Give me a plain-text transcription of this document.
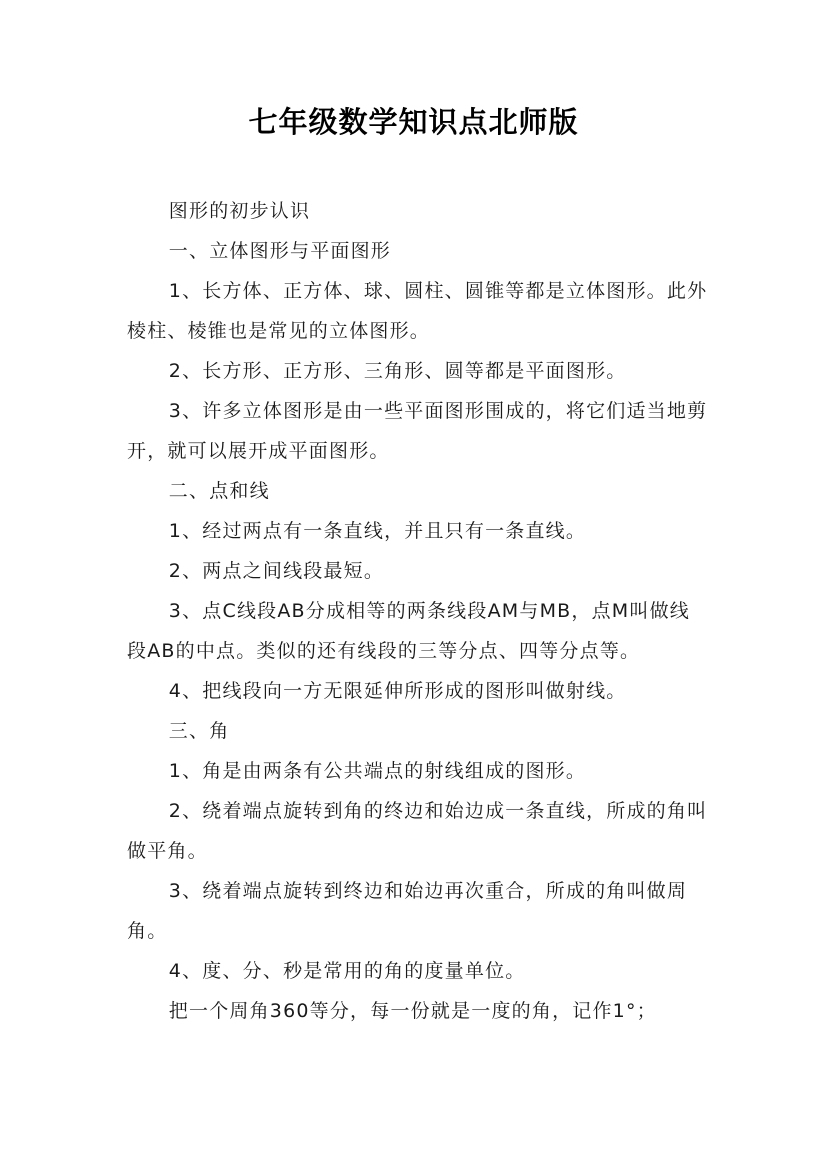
七年级数学知识点北师版

图形的初步认识

一、立体图形与平面图形

1、长方体、正方体、球、圆柱、圆锥等都是立体图形。此外棱柱、棱锥也是常见的立体图形。

2、长方形、正方形、三角形、圆等都是平面图形。

3、许多立体图形是由一些平面图形围成的，将它们适当地剪开，就可以展开成平面图形。

二、点和线

1、经过两点有一条直线，并且只有一条直线。

2、两点之间线段最短。

3、点C线段AB分成相等的两条线段AM与MB，点M叫做线段AB的中点。类似的还有线段的三等分点、四等分点等。

4、把线段向一方无限延伸所形成的图形叫做射线。

三、角

1、角是由两条有公共端点的射线组成的图形。

2、绕着端点旋转到角的终边和始边成一条直线，所成的角叫做平角。

3、绕着端点旋转到终边和始边再次重合，所成的角叫做周角。

4、度、分、秒是常用的角的度量单位。

把一个周角360等分，每一份就是一度的角，记作1°；
